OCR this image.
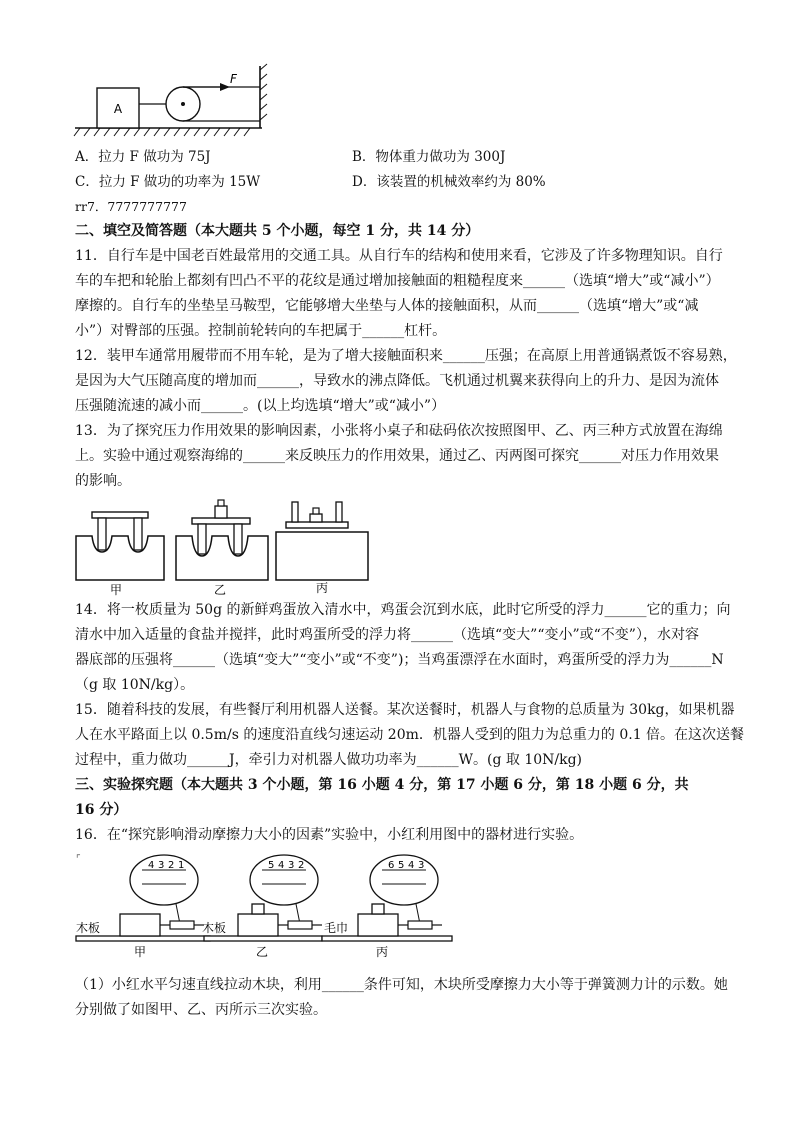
A
F
A．拉力 F 做功为 75J	B．物体重力做功为 300J
C．拉力 F 做功的功率为 15W	D．该装置的机械效率约为 80%
rr7．7777777777
二、填空及简答题（本大题共 5 个小题，每空 1 分，共 14 分）
11．自行车是中国老百姓最常用的交通工具。从自行车的结构和使用来看，它涉及了许多物理知识。自行
车的车把和轮胎上都刻有凹凸不平的花纹是通过增加接触面的粗糙程度来______（选填“增大”或“减小”）
摩擦的。自行车的坐垫呈马鞍型，它能够增大坐垫与人体的接触面积，从而______（选填“增大”或“减
小”）对臀部的压强。控制前轮转向的车把属于______杠杆。
12．装甲车通常用履带而不用车轮，是为了增大接触面积来______压强；在高原上用普通锅煮饭不容易熟，
是因为大气压随高度的增加而______，导致水的沸点降低。飞机通过机翼来获得向上的升力、是因为流体
压强随流速的减小而______。(以上均选填“增大”或“减小”）
13．为了探究压力作用效果的影响因素，小张将小桌子和砝码依次按照图甲、乙、丙三种方式放置在海绵
上。实验中通过观察海绵的______来反映压力的作用效果，通过乙、丙两图可探究______对压力作用效果
的影响。
甲	乙	丙
14．将一枚质量为 50g 的新鲜鸡蛋放入清水中，鸡蛋会沉到水底，此时它所受的浮力______它的重力；向
清水中加入适量的食盐并搅拌，此时鸡蛋所受的浮力将______（选填“变大”“变小”或“不变”），水对容
器底部的压强将______（选填“变大”“变小”或“不变”)；当鸡蛋漂浮在水面时，鸡蛋所受的浮力为______N
（g 取 10N/kg）。
15．随着科技的发展，有些餐厅利用机器人送餐。某次送餐时，机器人与食物的总质量为 30kg，如果机器
人在水平路面上以 0.5m/s 的速度沿直线匀速运动 20m．机器人受到的阻力为总重力的 0.1 倍。在这次送餐
过程中，重力做功______J，牵引力对机器人做功功率为______W。(g 取 10N/kg)
三、实验探究题（本大题共 3 个小题，第 16 小题 4 分，第 17 小题 6 分，第 18 小题 6 分，共
16 分）
16．在“探究影响滑动摩擦力大小的因素”实验中，小红利用图中的器材进行实验。
⌜
4 3 2 1	5 4 3 2	6 5 4 3
木板	木板	毛巾
甲	乙	丙
（1）小红水平匀速直线拉动木块，利用______条件可知，木块所受摩擦力大小等于弹簧测力计的示数。她
分别做了如图甲、乙、丙所示三次实验。
